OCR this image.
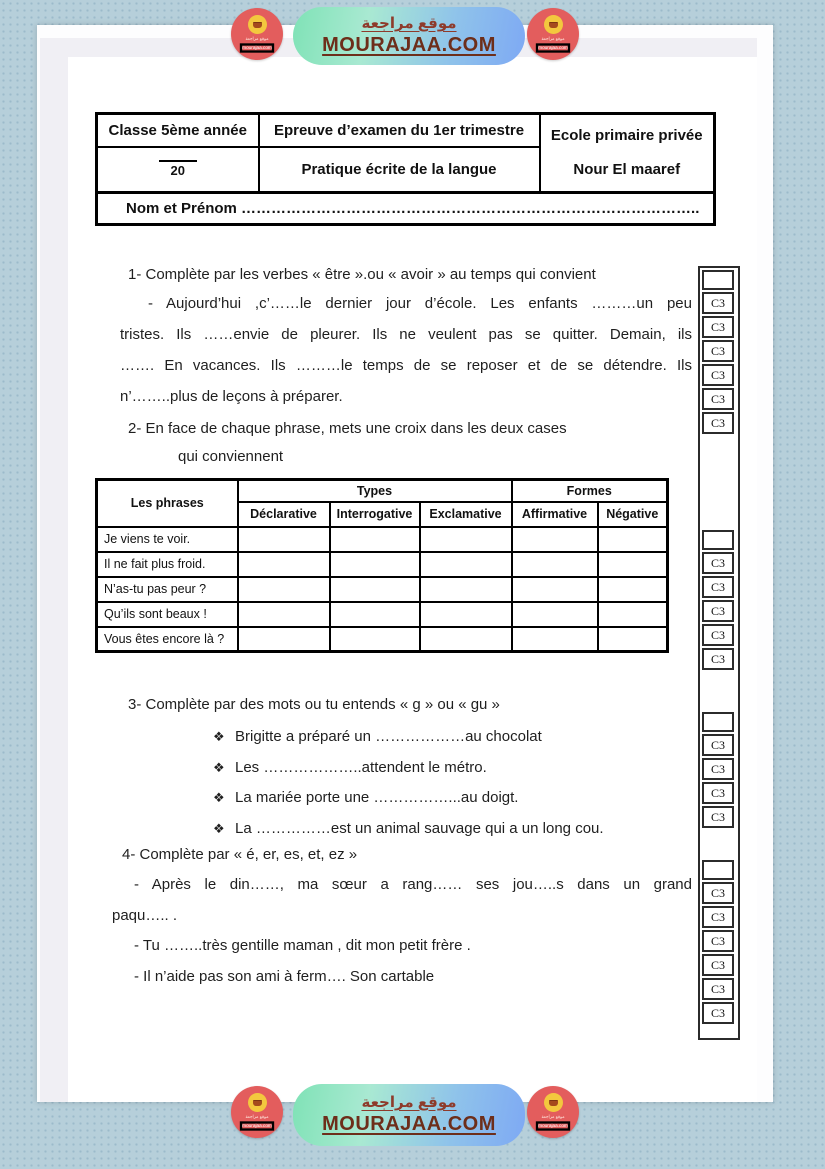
موقع مراجعة
mourajaa.com
موقع مراجعة
MOURAJAA.COM	موقع مراجعة
mourajaa.com
Classe 5ème année	Epreuve d’examen du 1er trimestre	Ecole primaire privée
Nour El maaref

20	Pratique écrite de la langue	
Nom et Prénom ………………………………………………………………………………..		
1- Complète par les verbes « être ».ou « avoir » au temps qui convient
- Aujourd’hui ,c’……le dernier jour d’école. Les enfants ………un peu
tristes. Ils ……envie de pleurer. Ils ne veulent pas se quitter. Demain, ils
……. En vacances. Ils ………le temps de se reposer et de se détendre. Ils
n’……..plus de leçons à préparer.
2- En face de chaque phrase, mets une croix dans les deux cases
qui conviennent
Les phrases	Types			Formes	
	Déclarative	Interrogative	Exclamative	Affirmative	Négative
Je viens te voir.					
Il ne fait plus froid.					
N’as-tu pas peur ?					
Qu’ils sont beaux !					
Vous êtes encore là ?					
3- Complète par des mots ou tu entends « g » ou « gu »
❖ Brigitte a préparé un ………………au chocolat
❖ Les ………………..attendent le métro.
❖ La mariée porte une ……………...au doigt.
❖ La ……………est un animal sauvage qui a un long cou.
4- Complète par « é, er, es, et, ez »
- Après le din……, ma sœur a rang…… ses jou…..s dans un grand
paqu….. .
- Tu ……..très gentille maman , dit mon petit frère .
- Il n’aide pas son ami à ferm…. Son cartable
C3
C3
C3
C3
C3
C3
C3
C3
C3
C3
C3
C3
C3
C3
C3
C3
C3
C3
C3
C3
C3
موقع مراجعة
mourajaa.com
موقع مراجعة
MOURAJAA.COM	موقع مراجعة
mourajaa.com
